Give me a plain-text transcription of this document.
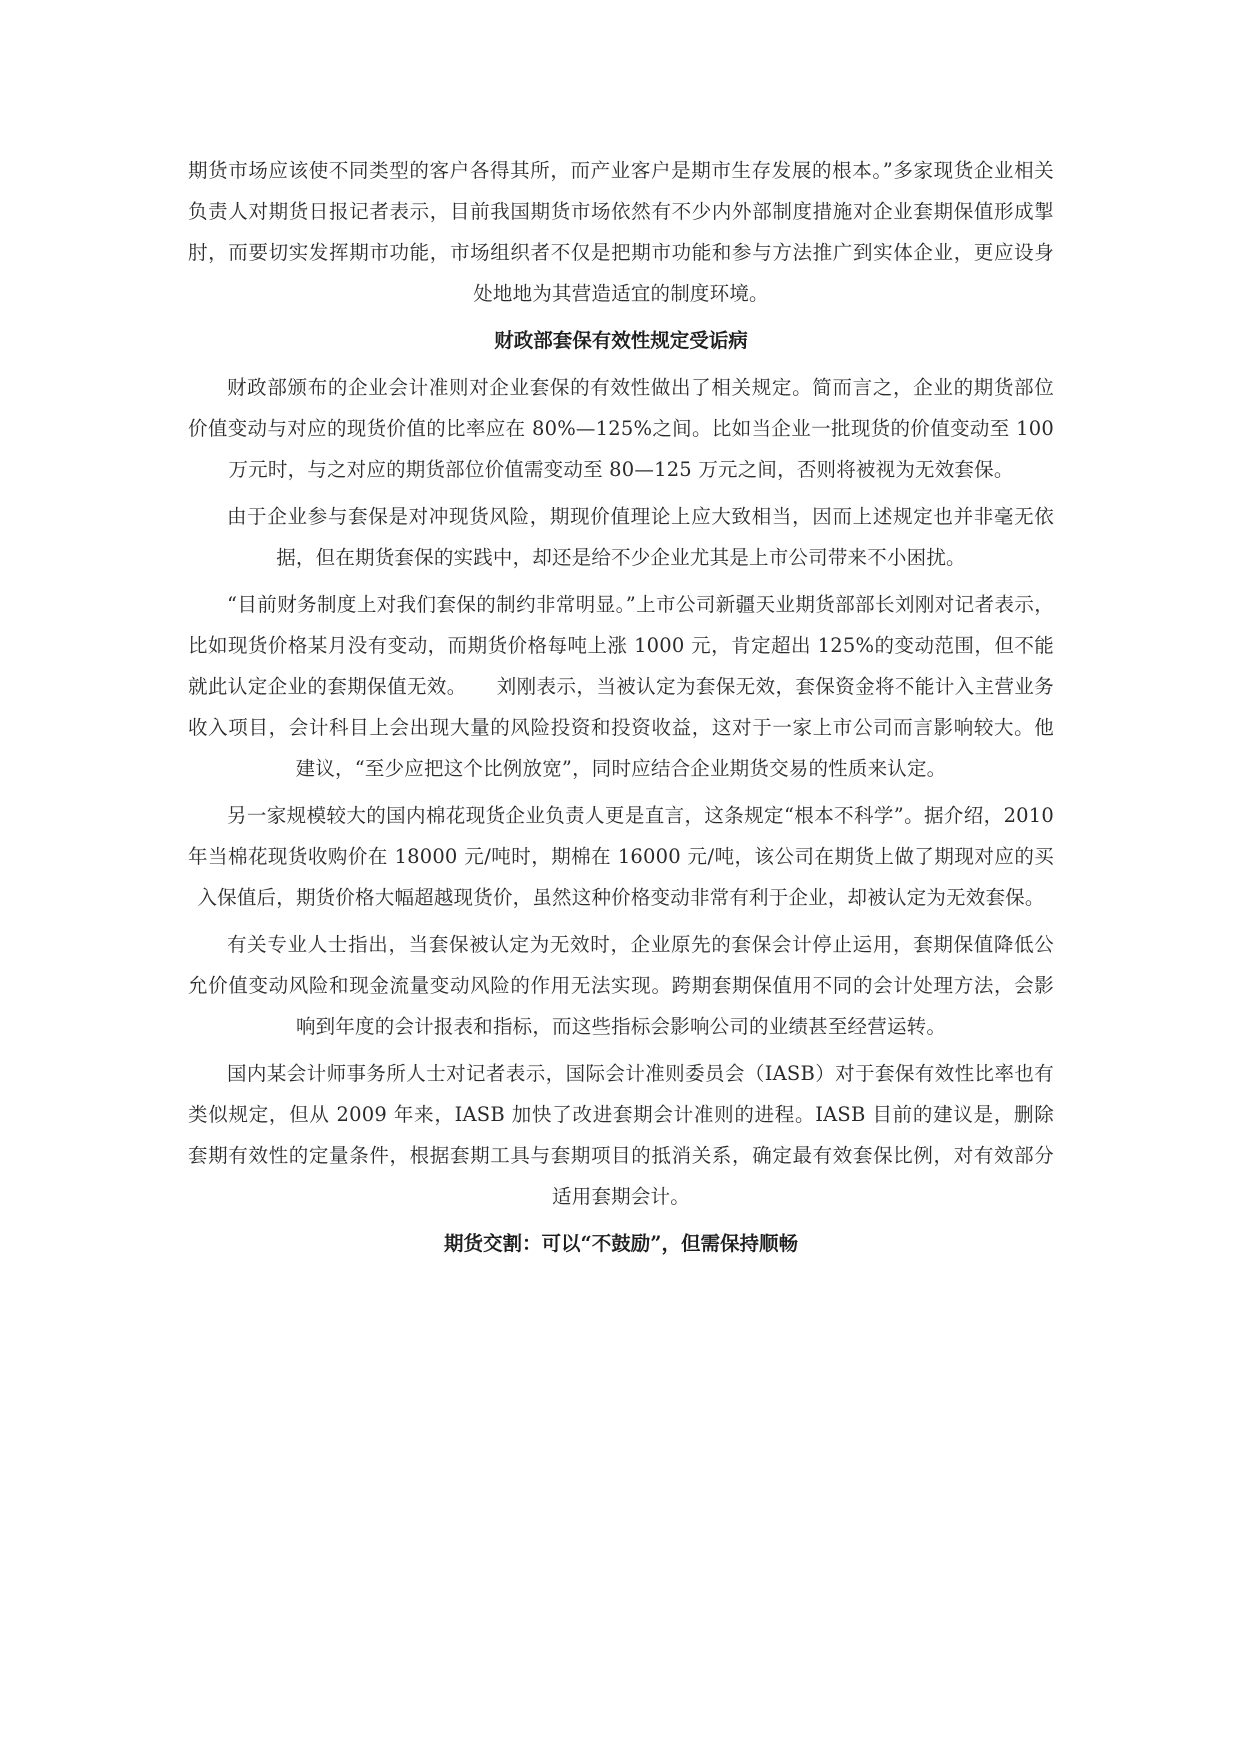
期货市场应该使不同类型的客户各得其所，而产业客户是期市生存发展的根本。”多家现货企业相关负责人对期货日报记者表示，目前我国期货市场依然有不少内外部制度措施对企业套期保值形成掣肘，而要切实发挥期市功能，市场组织者不仅是把期市功能和参与方法推广到实体企业，更应设身处地地为其营造适宜的制度环境。

财政部套保有效性规定受诟病

财政部颁布的企业会计准则对企业套保的有效性做出了相关规定。简而言之，企业的期货部位价值变动与对应的现货价值的比率应在 80%—125%之间。比如当企业一批现货的价值变动至 100 万元时，与之对应的期货部位价值需变动至 80—125 万元之间，否则将被视为无效套保。

由于企业参与套保是对冲现货风险，期现价值理论上应大致相当，因而上述规定也并非毫无依据，但在期货套保的实践中，却还是给不少企业尤其是上市公司带来不小困扰。

“目前财务制度上对我们套保的制约非常明显。”上市公司新疆天业期货部部长刘刚对记者表示，比如现货价格某月没有变动，而期货价格每吨上涨 1000 元，肯定超出 125%的变动范围，但不能就此认定企业的套期保值无效。　　刘刚表示，当被认定为套保无效，套保资金将不能计入主营业务收入项目，会计科目上会出现大量的风险投资和投资收益，这对于一家上市公司而言影响较大。他建议，“至少应把这个比例放宽”，同时应结合企业期货交易的性质来认定。

另一家规模较大的国内棉花现货企业负责人更是直言，这条规定“根本不科学”。据介绍，2010 年当棉花现货收购价在 18000 元/吨时，期棉在 16000 元/吨，该公司在期货上做了期现对应的买入保值后，期货价格大幅超越现货价，虽然这种价格变动非常有利于企业，却被认定为无效套保。

有关专业人士指出，当套保被认定为无效时，企业原先的套保会计停止运用，套期保值降低公允价值变动风险和现金流量变动风险的作用无法实现。跨期套期保值用不同的会计处理方法，会影响到年度的会计报表和指标，而这些指标会影响公司的业绩甚至经营运转。

国内某会计师事务所人士对记者表示，国际会计准则委员会（IASB）对于套保有效性比率也有类似规定，但从 2009 年来，IASB 加快了改进套期会计准则的进程。IASB 目前的建议是，删除套期有效性的定量条件，根据套期工具与套期项目的抵消关系，确定最有效套保比例，对有效部分适用套期会计。

期货交割：可以“不鼓励”，但需保持顺畅
